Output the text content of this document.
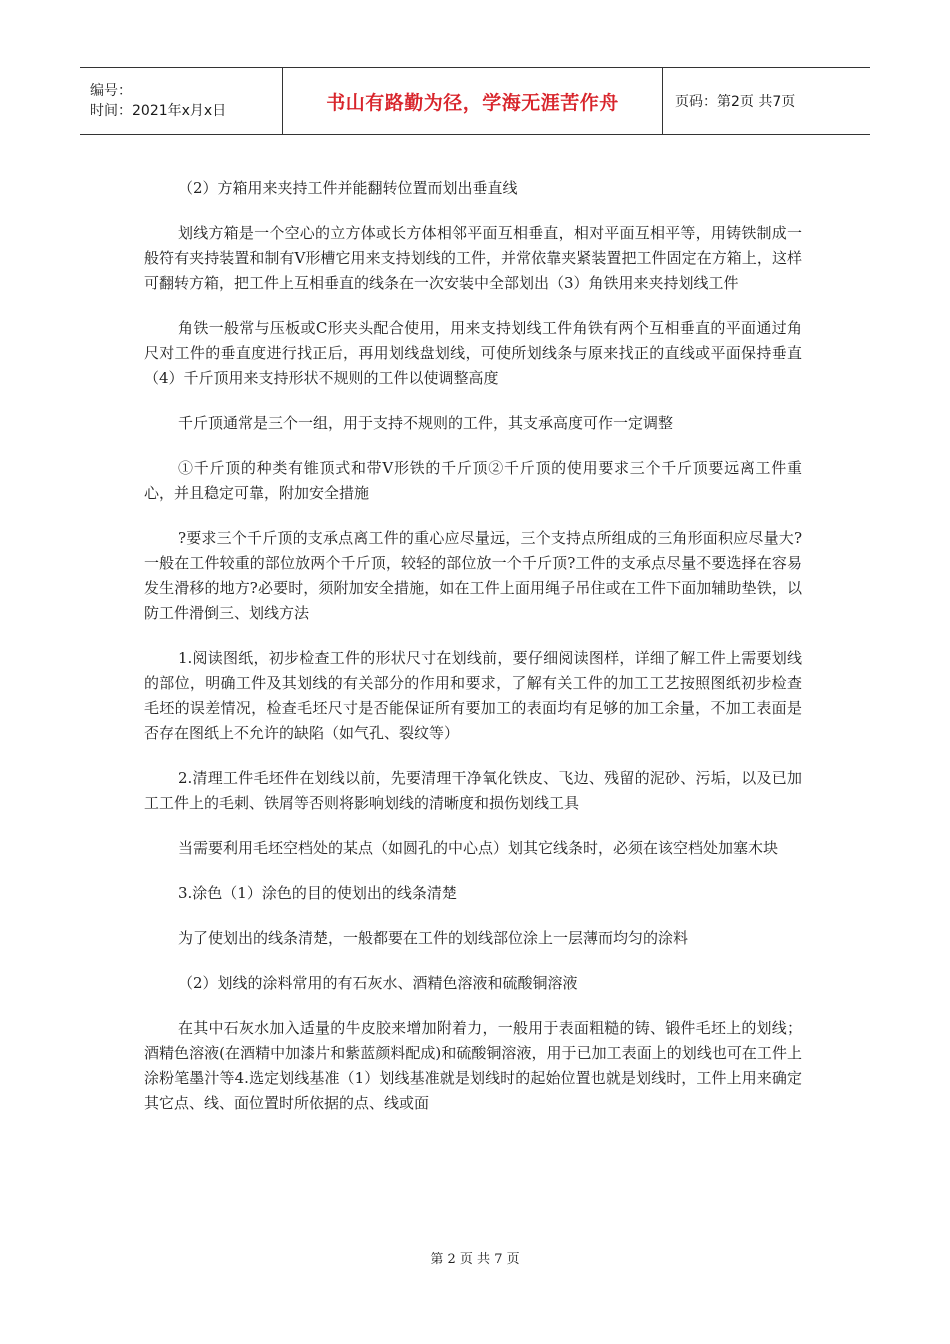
编号：
时间：2021年x月x日	书山有路勤为径，学海无涯苦作舟	页码：第2页 共7页

（2）方箱用来夹持工件并能翻转位置而划出垂直线

划线方箱是一个空心的立方体或长方体相邻平面互相垂直，相对平面互相平等，用铸铁制成一般符有夹持装置和制有V形槽它用来支持划线的工件，并常依靠夹紧装置把工件固定在方箱上，这样可翻转方箱，把工件上互相垂直的线条在一次安装中全部划出（3）角铁用来夹持划线工件

角铁一般常与压板或C形夹头配合使用，用来支持划线工件角铁有两个互相垂直的平面通过角尺对工件的垂直度进行找正后，再用划线盘划线，可使所划线条与原来找正的直线或平面保持垂直（4）千斤顶用来支持形状不规则的工件以使调整高度

千斤顶通常是三个一组，用于支持不规则的工件，其支承高度可作一定调整

①千斤顶的种类有锥顶式和带V形铁的千斤顶②千斤顶的使用要求三个千斤顶要远离工件重心，并且稳定可靠，附加安全措施

?要求三个千斤顶的支承点离工件的重心应尽量远，三个支持点所组成的三角形面积应尽量大?一般在工件较重的部位放两个千斤顶，较轻的部位放一个千斤顶?工件的支承点尽量不要选择在容易发生滑移的地方?必要时，须附加安全措施，如在工件上面用绳子吊住或在工件下面加辅助垫铁，以防工件滑倒三、划线方法

1.阅读图纸，初步检查工件的形状尺寸在划线前，要仔细阅读图样，详细了解工件上需要划线的部位，明确工件及其划线的有关部分的作用和要求，了解有关工件的加工工艺按照图纸初步检查毛坯的误差情况，检查毛坯尺寸是否能保证所有要加工的表面均有足够的加工余量，不加工表面是否存在图纸上不允许的缺陷（如气孔、裂纹等）

2.清理工件毛坯件在划线以前，先要清理干净氧化铁皮、飞边、残留的泥砂、污垢，以及已加工工件上的毛刺、铁屑等否则将影响划线的清晰度和损伤划线工具

当需要利用毛坯空档处的某点（如圆孔的中心点）划其它线条时，必须在该空档处加塞木块

3.涂色（1）涂色的目的使划出的线条清楚

为了使划出的线条清楚，一般都要在工件的划线部位涂上一层薄而均匀的涂料

（2）划线的涂料常用的有石灰水、酒精色溶液和硫酸铜溶液

在其中石灰水加入适量的牛皮胶来增加附着力，一般用于表面粗糙的铸、锻件毛坯上的划线；酒精色溶液(在酒精中加漆片和紫蓝颜料配成)和硫酸铜溶液，用于已加工表面上的划线也可在工件上涂粉笔墨汁等4.选定划线基准（1）划线基准就是划线时的起始位置也就是划线时，工件上用来确定其它点、线、面位置时所依据的点、线或面

第 2 页 共 7 页
